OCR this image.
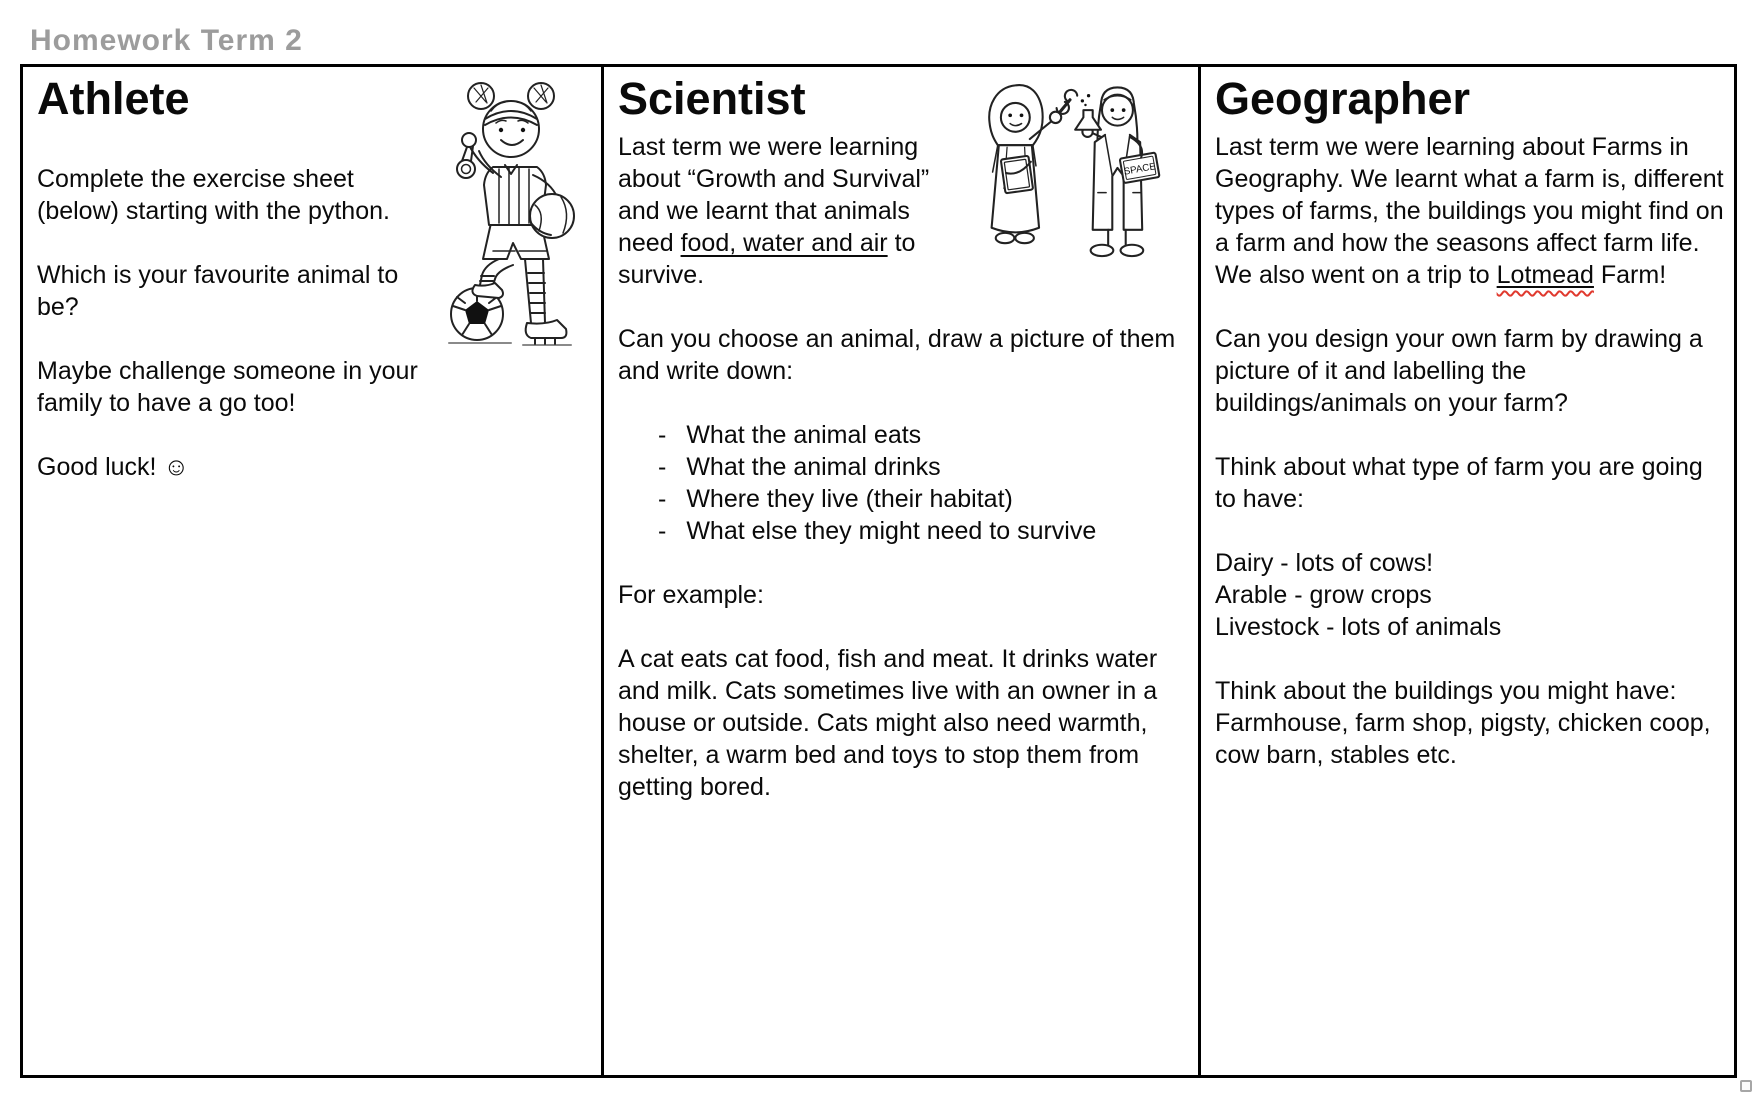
Homework Term 2
Athlete

Complete the exercise sheet (below) starting with the python.

Which is your favourite animal to be?

Maybe challenge someone in your family to have a go too!

Good luck! ☺

SPACE
Scientist

Last term we were learning about “Growth and Survival” and we learnt that animals need food, water and air to survive.

Can you choose an animal, draw a picture of them and write down:

- What the animal eats
- What the animal drinks
- Where they live (their habitat)
- What else they might need to survive

For example:

A cat eats cat food, fish and meat. It drinks water and milk. Cats sometimes live with an owner in a house or outside. Cats might also need warmth, shelter, a warm bed and toys to stop them from getting bored.

Geographer

Last term we were learning about Farms in Geography. We learnt what a farm is, different types of farms, the buildings you might find on a farm and how the seasons affect farm life. We also went on a trip to Lotmead Farm!

Can you design your own farm by drawing a picture of it and labelling the buildings/animals on your farm?

Think about what type of farm you are going to have:

Dairy - lots of cows!
Arable - grow crops
Livestock - lots of animals

Think about the buildings you might have: Farmhouse, farm shop, pigsty, chicken coop, cow barn, stables etc.
